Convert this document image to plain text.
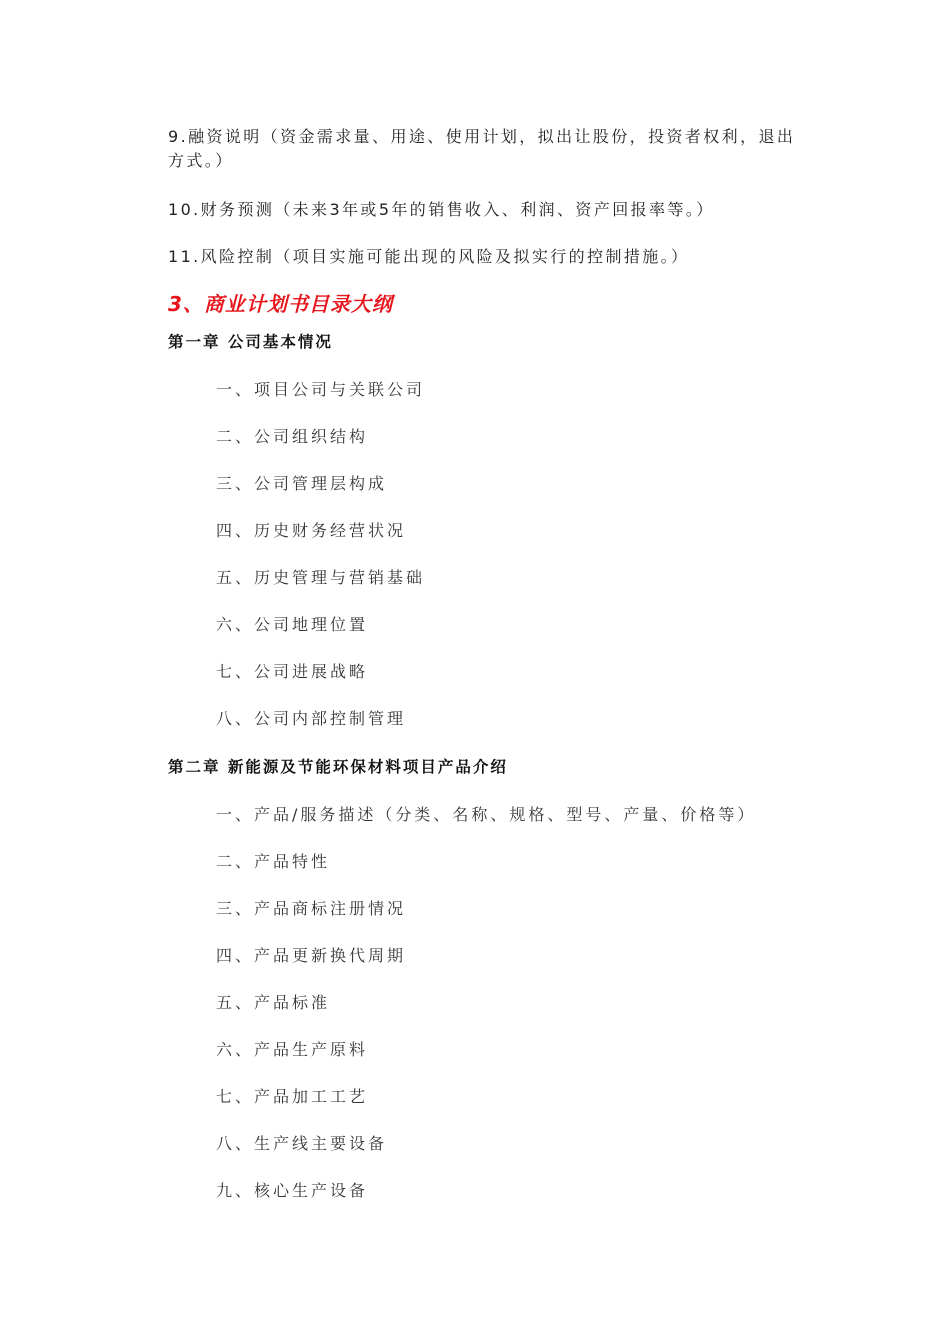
9.融资说明（资金需求量、用途、使用计划，拟出让股份，投资者权利，退出方式。）

10.财务预测（未来3年或5年的销售收入、利润、资产回报率等。）

11.风险控制（项目实施可能出现的风险及拟实行的控制措施。）

3、商业计划书目录大纲
第一章 公司基本情况
一、项目公司与关联公司
二、公司组织结构
三、公司管理层构成
四、历史财务经营状况
五、历史管理与营销基础
六、公司地理位置
七、公司进展战略
八、公司内部控制管理
第二章 新能源及节能环保材料项目产品介绍
一、产品/服务描述（分类、名称、规格、型号、产量、价格等）
二、产品特性
三、产品商标注册情况
四、产品更新换代周期
五、产品标准
六、产品生产原料
七、产品加工工艺
八、生产线主要设备
九、核心生产设备
